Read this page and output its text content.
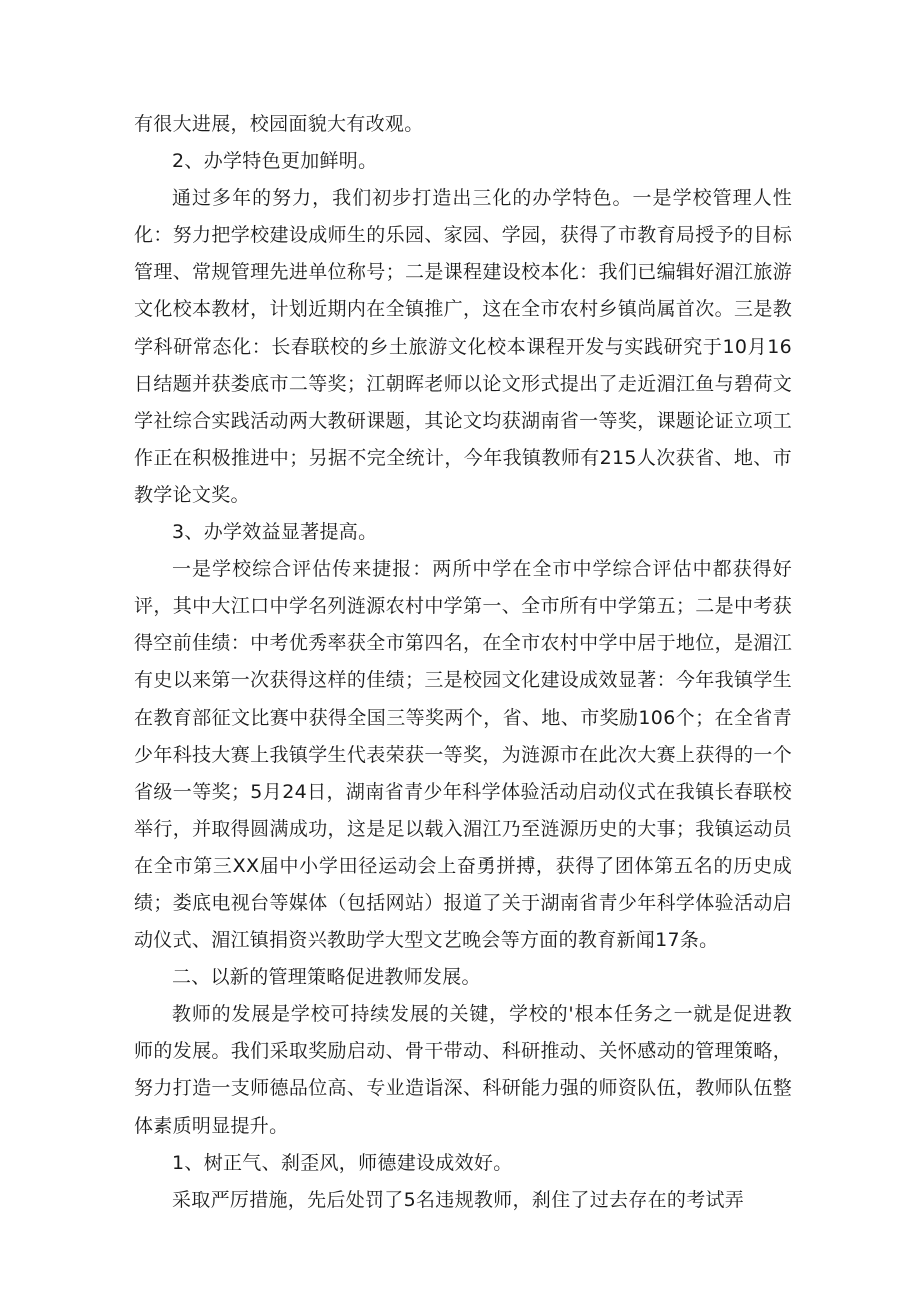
有很大进展，校园面貌大有改观。

2、办学特色更加鲜明。

通过多年的努力，我们初步打造出三化的办学特色。一是学校管理人性化：努力把学校建设成师生的乐园、家园、学园，获得了市教育局授予的目标管理、常规管理先进单位称号；二是课程建设校本化：我们已编辑好湄江旅游文化校本教材，计划近期内在全镇推广，这在全市农村乡镇尚属首次。三是教学科研常态化：长春联校的乡土旅游文化校本课程开发与实践研究于10月16日结题并获娄底市二等奖；江朝晖老师以论文形式提出了走近湄江鱼与碧荷文学社综合实践活动两大教研课题，其论文均获湖南省一等奖，课题论证立项工作正在积极推进中；另据不完全统计，今年我镇教师有215人次获省、地、市教学论文奖。

3、办学效益显著提高。

一是学校综合评估传来捷报：两所中学在全市中学综合评估中都获得好评，其中大江口中学名列涟源农村中学第一、全市所有中学第五；二是中考获得空前佳绩：中考优秀率获全市第四名，在全市农村中学中居于地位，是湄江有史以来第一次获得这样的佳绩；三是校园文化建设成效显著：今年我镇学生在教育部征文比赛中获得全国三等奖两个，省、地、市奖励106个；在全省青少年科技大赛上我镇学生代表荣获一等奖，为涟源市在此次大赛上获得的一个省级一等奖；5月24日，湖南省青少年科学体验活动启动仪式在我镇长春联校举行，并取得圆满成功，这是足以载入湄江乃至涟源历史的大事；我镇运动员在全市第三XX届中小学田径运动会上奋勇拼搏，获得了团体第五名的历史成绩；娄底电视台等媒体（包括网站）报道了关于湖南省青少年科学体验活动启动仪式、湄江镇捐资兴教助学大型文艺晚会等方面的教育新闻17条。

二、以新的管理策略促进教师发展。

教师的发展是学校可持续发展的关键，学校的'根本任务之一就是促进教师的发展。我们采取奖励启动、骨干带动、科研推动、关怀感动的管理策略，努力打造一支师德品位高、专业造诣深、科研能力强的师资队伍，教师队伍整体素质明显提升。

1、树正气、刹歪风，师德建设成效好。

采取严厉措施，先后处罚了5名违规教师，刹住了过去存在的考试弄
